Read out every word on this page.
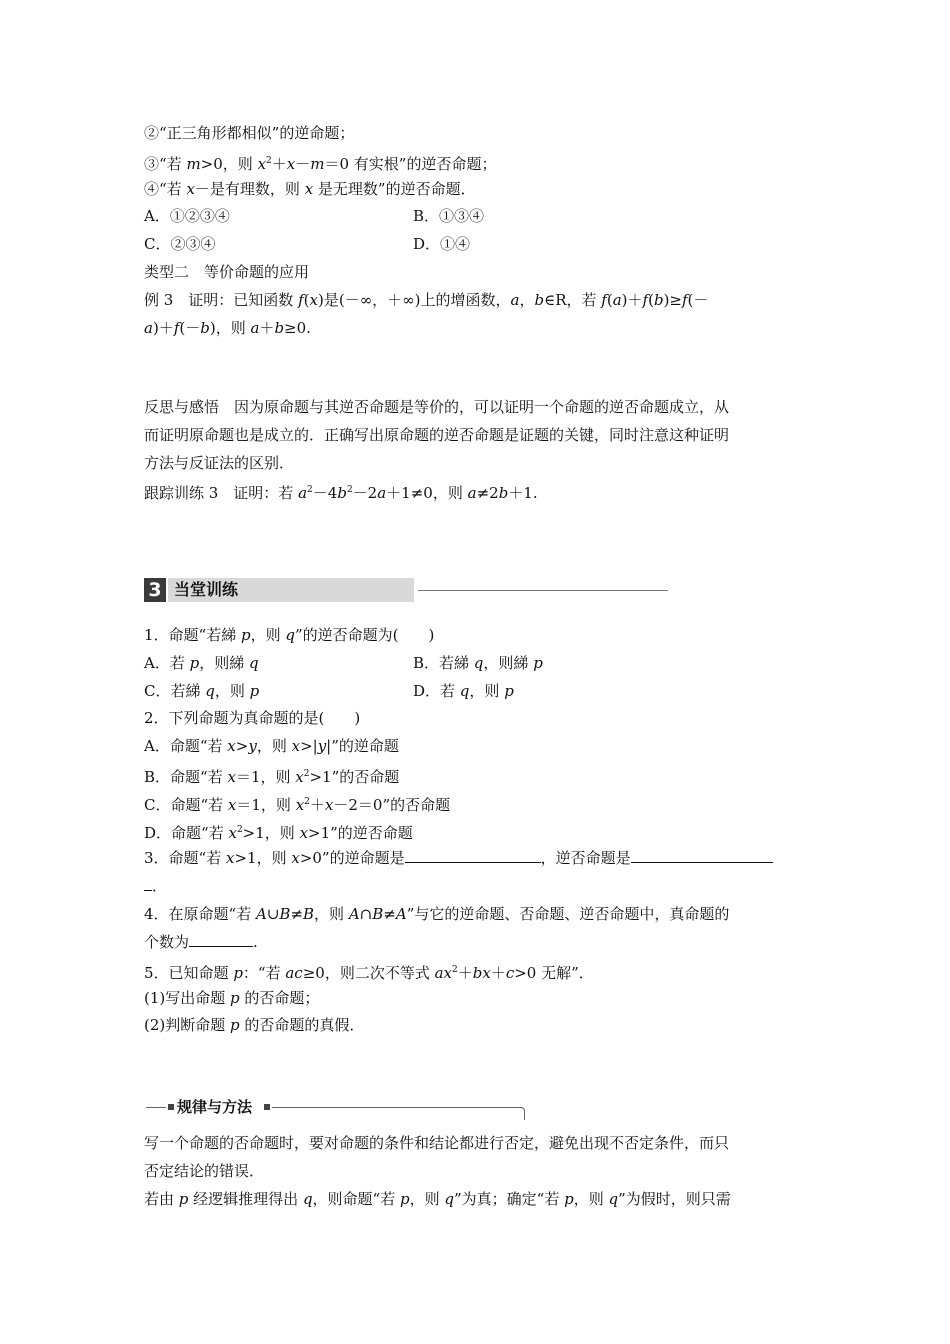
②“正三角形都相似”的逆命题；
③“若 m>0，则 $x^2+x-m=0$ 有实根”的逆否命题；
④“若 x－是有理数，则 x 是无理数”的逆否命题．
A．①②③④	B．①③④
C．②③④	D．①④
类型二　等价命题的应用
例 3　证明：已知函数 f(x)是(－∞，＋∞)上的增函数，a，b∈R，若 f(a)＋f(b)≥f(－
a)＋f(－b)，则 a＋b≥0.
反思与感悟　因为原命题与其逆否命题是等价的，可以证明一个命题的逆否命题成立，从
而证明原命题也是成立的．正确写出原命题的逆否命题是证题的关键，同时注意这种证明
方法与反证法的区别．
跟踪训练 3　证明：若 $a^2-4b^2-2a+1\ne 0$，则 a≠2b＋1.
3 当堂训练
1．命题“若綈 p，则 q”的逆否命题为(　　)
A．若 p，则綈 q	B．若綈 q，则綈 p
C．若綈 q，则 p	D．若 q，则 p
2．下列命题为真命题的是(　　)
A．命题“若 x>y，则 x>|y|”的逆命题
B．命题“若 x＝1，则 $x^2>1$”的否命题
C．命题“若 x＝1，则 $x^2+x-2=0$”的否命题
D．命题“若 $x^2>1$，则 x>1”的逆否命题
3．命题“若 x>1，则 x>0”的逆命题是	，逆否命题是
．
4．在原命题“若 A∪B≠B，则 A∩B≠A”与它的逆命题、否命题、逆否命题中，真命题的
个数为	.
5．已知命题 p：“若 ac≥0，则二次不等式 $ax^2+bx+c>0$ 无解”．
(1)写出命题 p 的否命题；
(2)判断命题 p 的否命题的真假．
规律与方法
写一个命题的否命题时，要对命题的条件和结论都进行否定，避免出现不否定条件，而只
否定结论的错误．
若由 p 经逻辑推理得出 q，则命题“若 p，则 q”为真；确定“若 p，则 q”为假时，则只需
